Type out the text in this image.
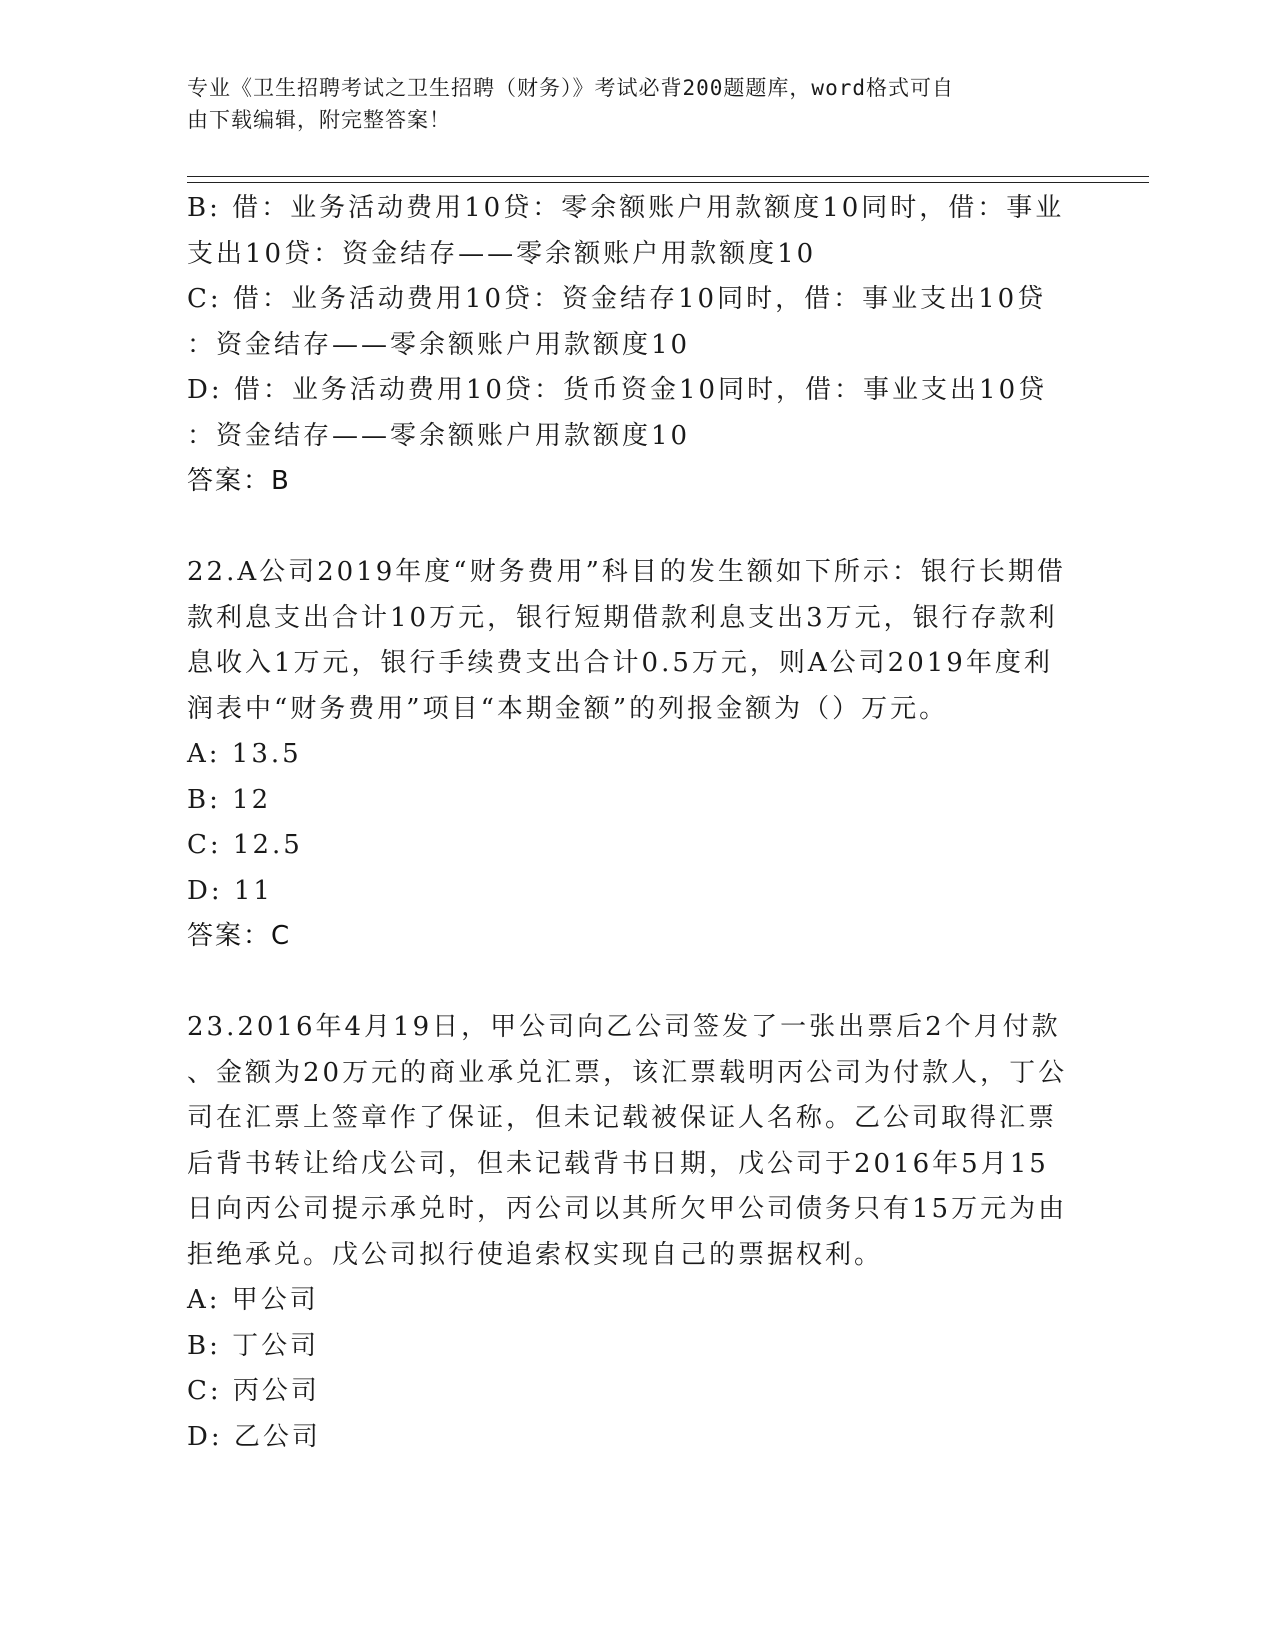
专业《卫生招聘考试之卫生招聘（财务）》考试必背200题题库，word格式可自
由下载编辑，附完整答案！
B: 借：业务活动费用10贷：零余额账户用款额度10同时，借：事业
支出10贷：资金结存——零余额账户用款额度10
C: 借：业务活动费用10贷：资金结存10同时，借：事业支出10贷
：资金结存——零余额账户用款额度10
D: 借：业务活动费用10贷：货币资金10同时，借：事业支出10贷
：资金结存——零余额账户用款额度10
答案：B
22.A公司2019年度“财务费用”科目的发生额如下所示：银行长期借
款利息支出合计10万元，银行短期借款利息支出3万元，银行存款利
息收入1万元，银行手续费支出合计0.5万元，则A公司2019年度利
润表中“财务费用”项目“本期金额”的列报金额为（）万元。
A: 13.5
B: 12
C: 12.5
D: 11
答案：C
23.2016年4月19日，甲公司向乙公司签发了一张出票后2个月付款
、金额为20万元的商业承兑汇票，该汇票载明丙公司为付款人，丁公
司在汇票上签章作了保证，但未记载被保证人名称。乙公司取得汇票
后背书转让给戊公司，但未记载背书日期，戊公司于2016年5月15
日向丙公司提示承兑时，丙公司以其所欠甲公司债务只有15万元为由
拒绝承兑。戊公司拟行使追索权实现自己的票据权利。
A: 甲公司
B: 丁公司
C: 丙公司
D: 乙公司
